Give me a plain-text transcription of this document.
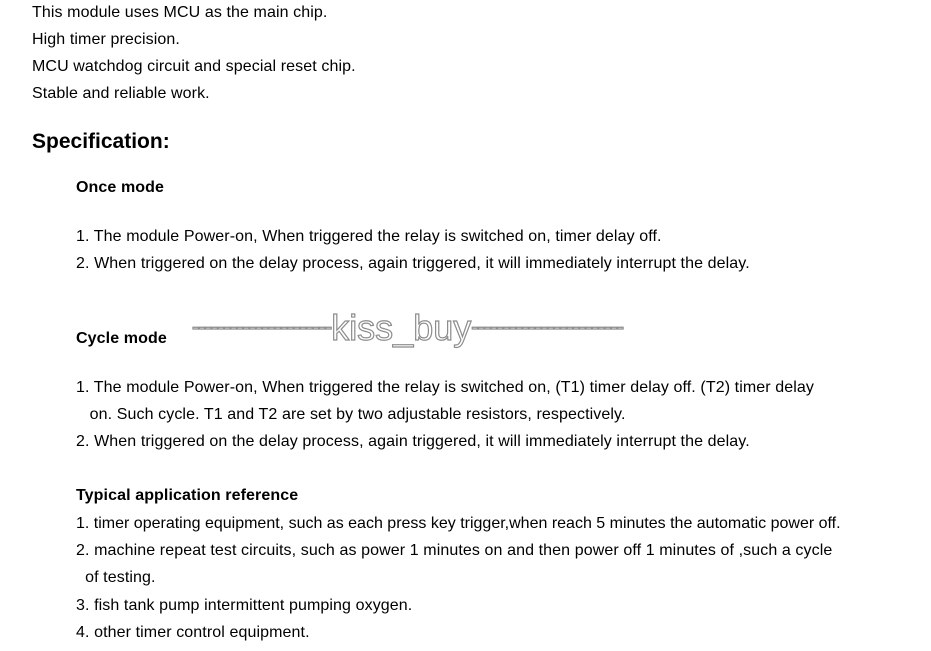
This module uses MCU as the main chip.
High timer precision.
MCU watchdog circuit and special reset chip.
Stable and reliable work.
Specification:
Once mode
1. The module Power-on, When triggered the relay is switched on, timer delay off.
2. When triggered on the delay process, again triggered, it will immediately interrupt the delay.
----------------------kiss_buy------------------------
Cycle mode
1. The module Power-on, When triggered the relay is switched on, (T1) timer delay off. (T2) timer delay
on. Such cycle. T1 and T2 are set by two adjustable resistors, respectively.
2. When triggered on the delay process, again triggered, it will immediately interrupt the delay.
Typical application reference
1. timer operating equipment, such as each press key trigger,when reach 5 minutes the automatic power off.
2. machine repeat test circuits, such as power 1 minutes on and then power off 1 minutes of ,such a cycle
of testing.
3. fish tank pump intermittent pumping oxygen.
4. other timer control equipment.
